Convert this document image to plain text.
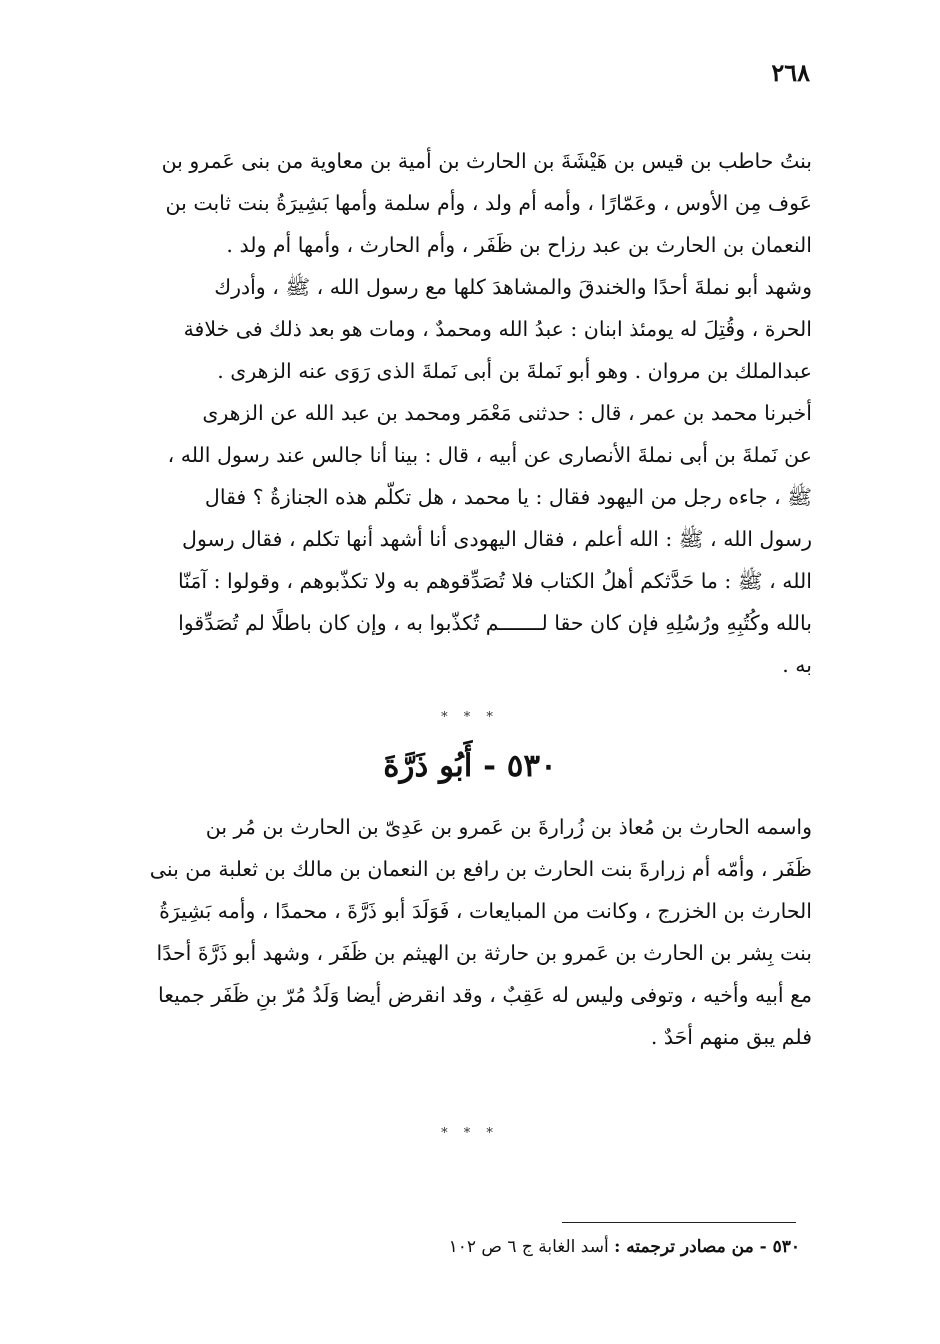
٢٦٨
بنتُ حاطب بن قيس بن هَيْشَةَ بن الحارث بن أمية بن معاوية من بنى عَمرو بن
عَوف مِن الأوس ، وعَمّارًا ، وأمه أم ولد ، وأم سلمة وأمها بَشِيرَةُ بنت ثابت بن
النعمان بن الحارث بن عبد رزاح بن ظَفَر ، وأم الحارث ، وأمها أم ولد .
وشهد أبو نملةَ أحدًا والخندقَ والمشاهدَ كلها مع رسول الله ، ﷺ ، وأدرك
الحرة ، وقُتِلَ له يومئذ ابنان : عبدُ الله ومحمدٌ ، ومات هو بعد ذلك فى خلافة
عبدالملك بن مروان . وهو أبو نَملةَ بن أبى نَملةَ الذى رَوَى عنه الزهرى .
أخبرنا محمد بن عمر ، قال : حدثنى مَعْمَر ومحمد بن عبد الله عن الزهرى
عن نَملةَ بن أبى نملةَ الأنصارى عن أبيه ، قال : بينا أنا جالس عند رسول الله ،
ﷺ ، جاءه رجل من اليهود فقال : يا محمد ، هل تكلّم هذه الجنازةُ ؟ فقال
رسول الله ، ﷺ : الله أعلم ، فقال اليهودى أنا أشهد أنها تكلم ، فقال رسول
الله ، ﷺ : ما حَدَّثكم أهلُ الكتاب فلا تُصَدِّقوهم به ولا تكذّبوهم ، وقولوا : آمَنّا
بالله وكُتُبِهِ ورُسُلِهِ فإن كان حقا لـــــــم تُكذّبوا به ، وإن كان باطلًا لم تُصَدِّقوا
به .
* * *
٥٣٠ - أَبُو ذَرَّةَ
واسمه الحارث بن مُعاذ بن زُرارةَ بن عَمرو بن عَدِىّ بن الحارث بن مُر بن
ظَفَر ، وأمّه أم زرارةَ بنت الحارث بن رافع بن النعمان بن مالك بن ثعلبة من بنى
الحارث بن الخزرج ، وكانت من المبايعات ، فَوَلَدَ أبو ذَرَّةَ ، محمدًا ، وأمه بَشِيرَةُ
بنت بِشر بن الحارث بن عَمرو بن حارثة بن الهيثم بن ظَفَر ، وشهد أبو ذَرَّةَ أحدًا
مع أبيه وأخيه ، وتوفى وليس له عَقِبٌ ، وقد انقرض أيضا وَلَدُ مُرّ بنِ ظَفَر جميعا
فلم يبق منهم أحَدٌ .
* * *
٥٣٠ - من مصادر ترجمته : أسد الغابة ج ٦ ص ١٠٢
